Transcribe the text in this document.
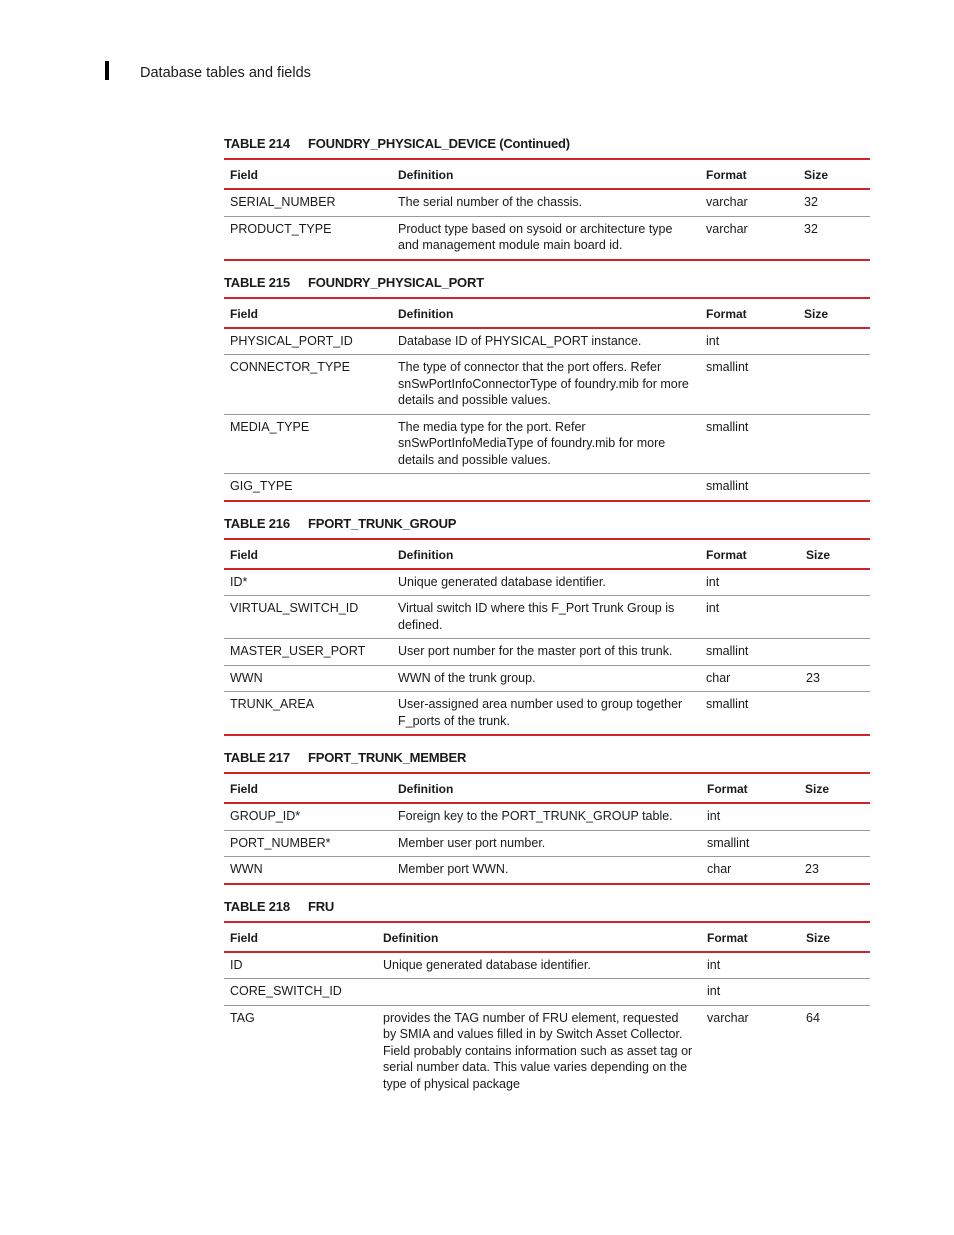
Database tables and fields
TABLE 214	FOUNDRY_PHYSICAL_DEVICE (Continued)
Field	Definition	Format	Size
SERIAL_NUMBER	The serial number of the chassis.	varchar	32
PRODUCT_TYPE	Product type based on sysoid or architecture type and management module main board id.	varchar	32
TABLE 215	FOUNDRY_PHYSICAL_PORT
Field	Definition	Format	Size
PHYSICAL_PORT_ID	Database ID of PHYSICAL_PORT instance.	int	
CONNECTOR_TYPE	The type of connector that the port offers. Refer snSwPortInfoConnectorType of foundry.mib for more details and possible values.	smallint	
MEDIA_TYPE	The media type for the port. Refer snSwPortInfoMediaType of foundry.mib for more details and possible values.	smallint	
GIG_TYPE		smallint	
TABLE 216	FPORT_TRUNK_GROUP
Field	Definition	Format	Size
ID*	Unique generated database identifier.	int	
VIRTUAL_SWITCH_ID	Virtual switch ID where this F_Port Trunk Group is defined.	int	
MASTER_USER_PORT	User port number for the master port of this trunk.	smallint	
WWN	WWN of the trunk group.	char	23
TRUNK_AREA	User-assigned area number used to group together F_ports of the trunk.	smallint	
TABLE 217	FPORT_TRUNK_MEMBER
Field	Definition	Format	Size
GROUP_ID*	Foreign key to the PORT_TRUNK_GROUP table.	int	
PORT_NUMBER*	Member user port number.	smallint	
WWN	Member port WWN.	char	23
TABLE 218	FRU
Field	Definition	Format	Size
ID	Unique generated database identifier.	int	
CORE_SWITCH_ID		int	
TAG	provides the TAG number of FRU element, requested by SMIA and values filled in by Switch Asset Collector. Field probably contains information such as asset tag or serial number data. This value varies depending on the type of physical package	varchar	64
